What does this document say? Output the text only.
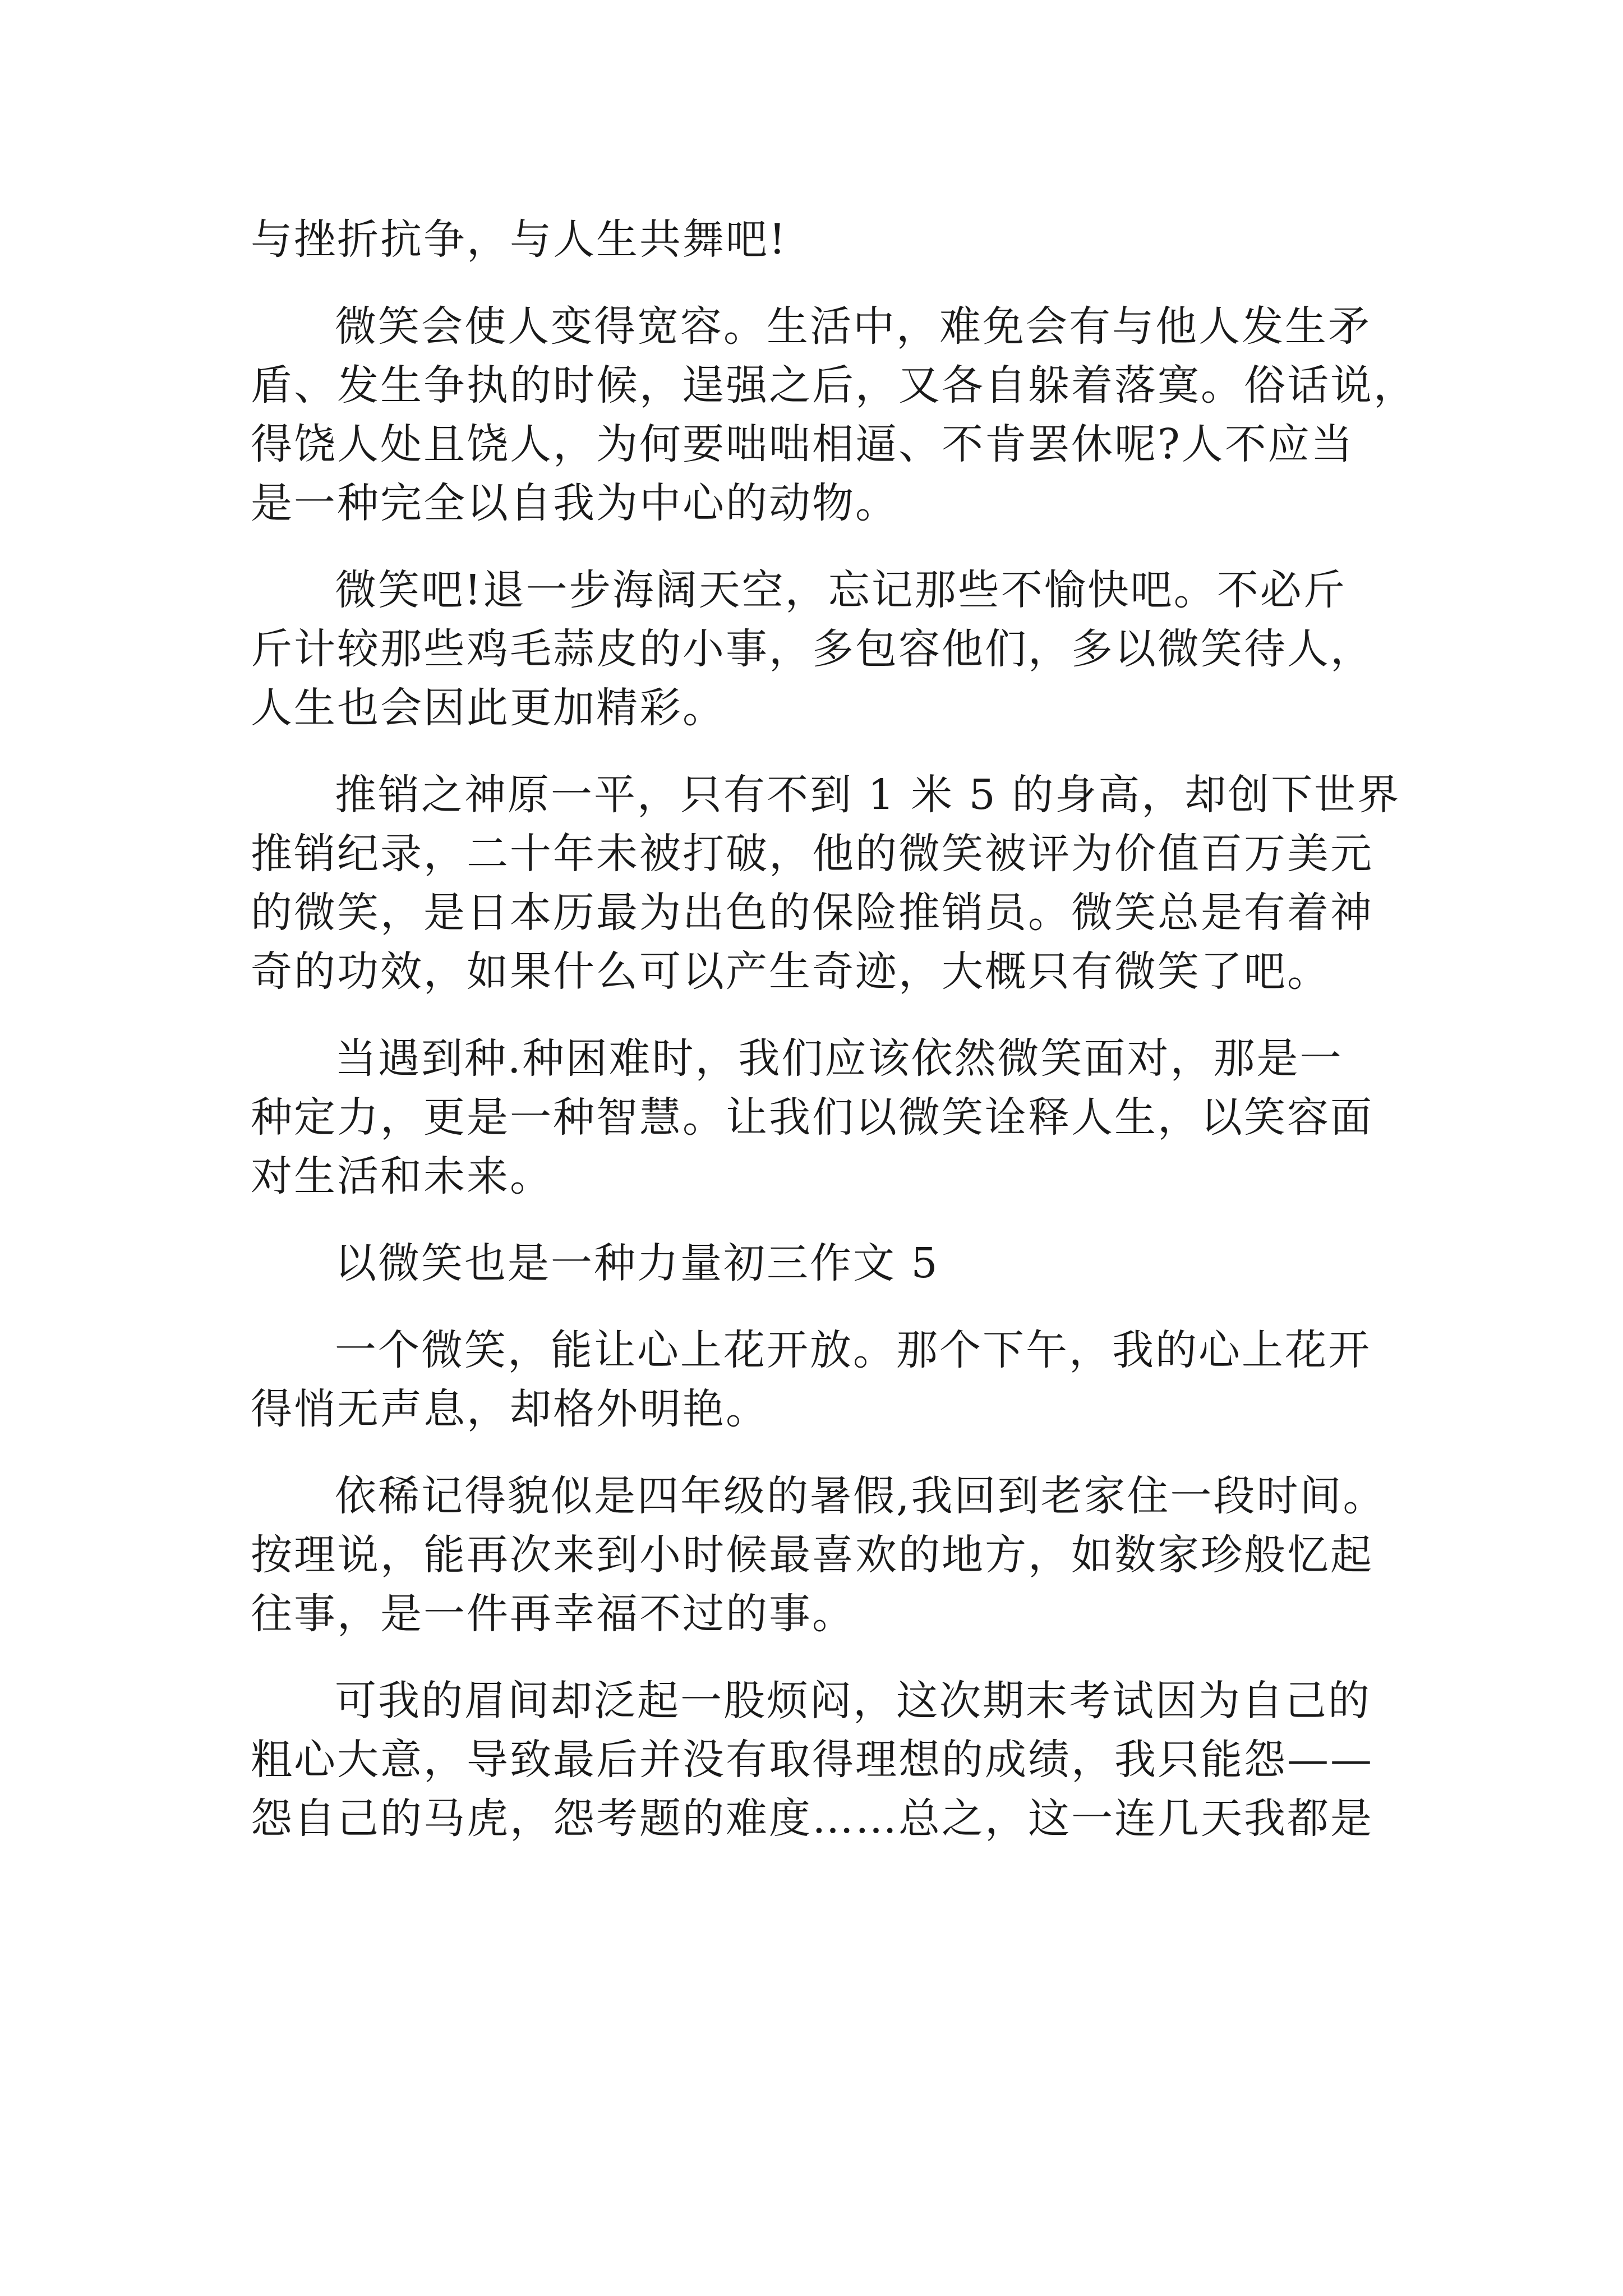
与挫折抗争，与人生共舞吧!
微笑会使人变得宽容。生活中，难免会有与他人发生矛
盾、发生争执的时候，逞强之后，又各自躲着落寞。俗话说，
得饶人处且饶人，为何要咄咄相逼、不肯罢休呢?人不应当
是一种完全以自我为中心的动物。
微笑吧!退一步海阔天空，忘记那些不愉快吧。不必斤
斤计较那些鸡毛蒜皮的小事，多包容他们，多以微笑待人，
人生也会因此更加精彩。
推销之神原一平，只有不到 1 米 5 的身高，却创下世界
推销纪录，二十年未被打破，他的微笑被评为价值百万美元
的微笑，是日本历最为出色的保险推销员。微笑总是有着神
奇的功效，如果什么可以产生奇迹，大概只有微笑了吧。
当遇到种.种困难时，我们应该依然微笑面对，那是一
种定力，更是一种智慧。让我们以微笑诠释人生，以笑容面
对生活和未来。
以微笑也是一种力量初三作文 5
一个微笑，能让心上花开放。那个下午，我的心上花开
得悄无声息，却格外明艳。
依稀记得貌似是四年级的暑假,我回到老家住一段时间。
按理说，能再次来到小时候最喜欢的地方，如数家珍般忆起
往事，是一件再幸福不过的事。
可我的眉间却泛起一股烦闷，这次期末考试因为自己的
粗心大意，导致最后并没有取得理想的成绩，我只能怨——
怨自己的马虎，怨考题的难度……总之，这一连几天我都是
